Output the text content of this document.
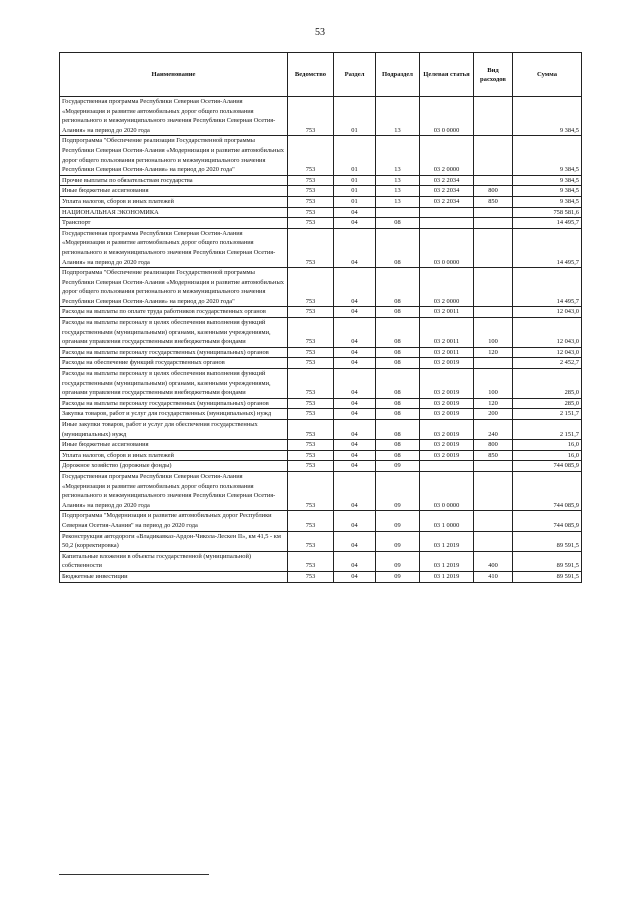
53
Наименование	Ведомство	Раздел	Подраздел	Целевая статья	Вид расходов	Сумма
Государственная программа Республики Северная Осетия-Алания «Модернизация и развитие автомобильных дорог общего пользования регионального и межмуниципального значения Республики Северная Осетия-Алания» на период до 2020 года	753	01	13	03 0 0000		9 384,5
Подпрограмма "Обеспечение реализации Государственной программы Республики Северная Осетия-Алания «Модернизация и развитие автомобильных дорог общего пользования регионального и межмуниципального значения Республики Северная Осетия-Алания» на период до 2020 года"	753	01	13	03 2 0000		9 384,5
Прочие выплаты по обязательствам государства	753	01	13	03 2 2034		9 384,5
Иные бюджетные ассигнования	753	01	13	03 2 2034	800	9 384,5
Уплата налогов, сборов и иных платежей	753	01	13	03 2 2034	850	9 384,5
НАЦИОНАЛЬНАЯ ЭКОНОМИКА	753	04				758 581,6
Транспорт	753	04	08			14 495,7
Государственная программа Республики Северная Осетия-Алания «Модернизация и развитие автомобильных дорог общего пользования регионального и межмуниципального значения Республики Северная Осетия-Алания» на период до 2020 года	753	04	08	03 0 0000		14 495,7
Подпрограмма "Обеспечение реализации Государственной программы Республики Северная Осетия-Алания «Модернизация и развитие автомобильных дорог общего пользования регионального и межмуниципального значения Республики Северная Осетия-Алания» на период до 2020 года"	753	04	08	03 2 0000		14 495,7
Расходы на выплаты по оплате труда работников государственных органов	753	04	08	03 2 0011		12 043,0
Расходы на выплаты персоналу в целях обеспечения выполнения функций государственными (муниципальными) органами, казенными учреждениями, органами управления государственными внебюджетными фондами	753	04	08	03 2 0011	100	12 043,0
Расходы на выплаты персоналу государственных (муниципальных) органов	753	04	08	03 2 0011	120	12 043,0
Расходы на обеспечение функций государственных органов	753	04	08	03 2 0019		2 452,7
Расходы на выплаты персоналу в целях обеспечения выполнения функций государственными (муниципальными) органами, казенными учреждениями, органами управления государственными внебюджетными фондами	753	04	08	03 2 0019	100	285,0
Расходы на выплаты персоналу государственных (муниципальных) органов	753	04	08	03 2 0019	120	285,0
Закупка товаров, работ и услуг для государственных (муниципальных) нужд	753	04	08	03 2 0019	200	2 151,7
Иные закупки товаров, работ и услуг для обеспечения государственных (муниципальных) нужд	753	04	08	03 2 0019	240	2 151,7
Иные бюджетные ассигнования	753	04	08	03 2 0019	800	16,0
Уплата налогов, сборов и иных платежей	753	04	08	03 2 0019	850	16,0
Дорожное хозяйство (дорожные фонды)	753	04	09			744 085,9
Государственная программа Республики Северная Осетия-Алания «Модернизация и развитие автомобильных дорог общего пользования регионального и межмуниципального значения Республики Северная Осетия-Алания» на период до 2020 года	753	04	09	03 0 0000		744 085,9
Подпрограмма "Модернизация и развитие автомобильных дорог Республики Северная Осетия-Алания" на период до 2020 года	753	04	09	03 1 0000		744 085,9
Реконструкция автодороги «Владикавказ-Ардон-Чикола-Лескен II», км 41,5 - км 50,2 (корректировка)	753	04	09	03 1 2019		89 591,5
Капитальные вложения в объекты государственной (муниципальной) собственности	753	04	09	03 1 2019	400	89 591,5
Бюджетные инвестиции	753	04	09	03 1 2019	410	89 591,5
